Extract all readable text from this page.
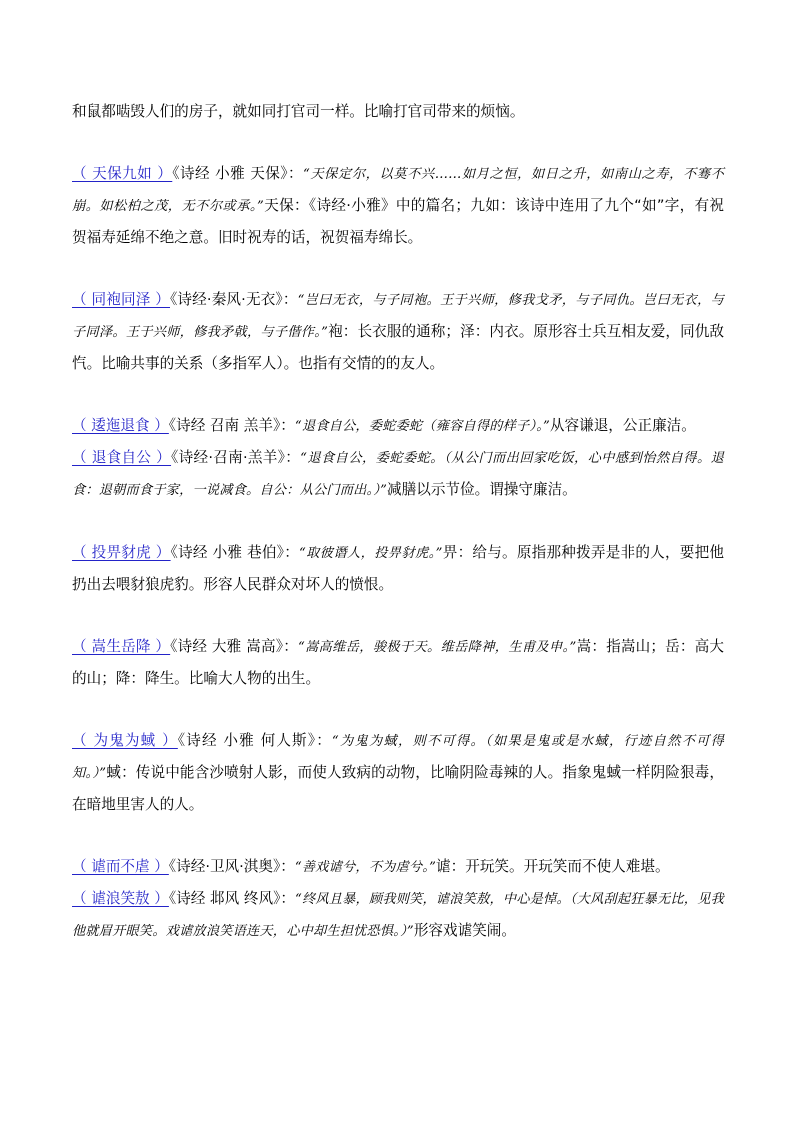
和鼠都啮毁人们的房子，就如同打官司一样。比喻打官司带来的烦恼。

（ 天保九如 ）《诗经 小雅 天保》：“天保定尔，以莫不兴……如月之恒，如日之升，如南山之寿，不骞不崩。如松柏之茂，无不尔或承。”天保：《诗经·小雅》中的篇名；九如：该诗中连用了九个“如”字，有祝贺福寿延绵不绝之意。旧时祝寿的话，祝贺福寿绵长。

（ 同袍同泽 ）《诗经·秦风·无衣》：“岂曰无衣，与子同袍。王于兴师，修我戈矛，与子同仇。岂曰无衣，与子同泽。王于兴师，修我矛戟，与子偕作。”袍：长衣服的通称；泽：内衣。原形容士兵互相友爱，同仇敌忾。比喻共事的关系（多指军人）。也指有交情的的友人。

（ 逶迤退食 ）《诗经 召南 羔羊》：“退食自公，委蛇委蛇（雍容自得的样子）。”从容谦退，公正廉洁。

（ 退食自公 ）《诗经·召南·羔羊》：“退食自公，委蛇委蛇。（从公门而出回家吃饭，心中感到怡然自得。退食：退朝而食于家，一说减食。自公：从公门而出。）”减膳以示节俭。谓操守廉洁。

（ 投畀豺虎 ）《诗经 小雅 巷伯》：“取彼谮人，投畀豺虎。”畀：给与。原指那种拨弄是非的人，要把他扔出去喂豺狼虎豹。形容人民群众对坏人的愤恨。

（ 嵩生岳降 ）《诗经 大雅 嵩高》：“嵩高维岳，骏极于天。维岳降神，生甫及申。”嵩：指嵩山；岳：高大的山；降：降生。比喻大人物的出生。

（ 为鬼为蜮 ）《诗经 小雅 何人斯》：“为鬼为蜮，则不可得。（如果是鬼或是水蜮，行迹自然不可得知。）”蜮：传说中能含沙喷射人影，而使人致病的动物，比喻阴险毒辣的人。指象鬼蜮一样阴险狠毒，在暗地里害人的人。

（ 谑而不虐 ）《诗经·卫风·淇奥》：“善戏谑兮，不为虐兮。”谑：开玩笑。开玩笑而不使人难堪。

（ 谑浪笑敖 ）《诗经 邶风 终风》：“终风且暴，顾我则笑，谑浪笑敖，中心是悼。（大风刮起狂暴无比，见我他就眉开眼笑。戏谑放浪笑语连天，心中却生担忧恐惧。）”形容戏谑笑闹。
